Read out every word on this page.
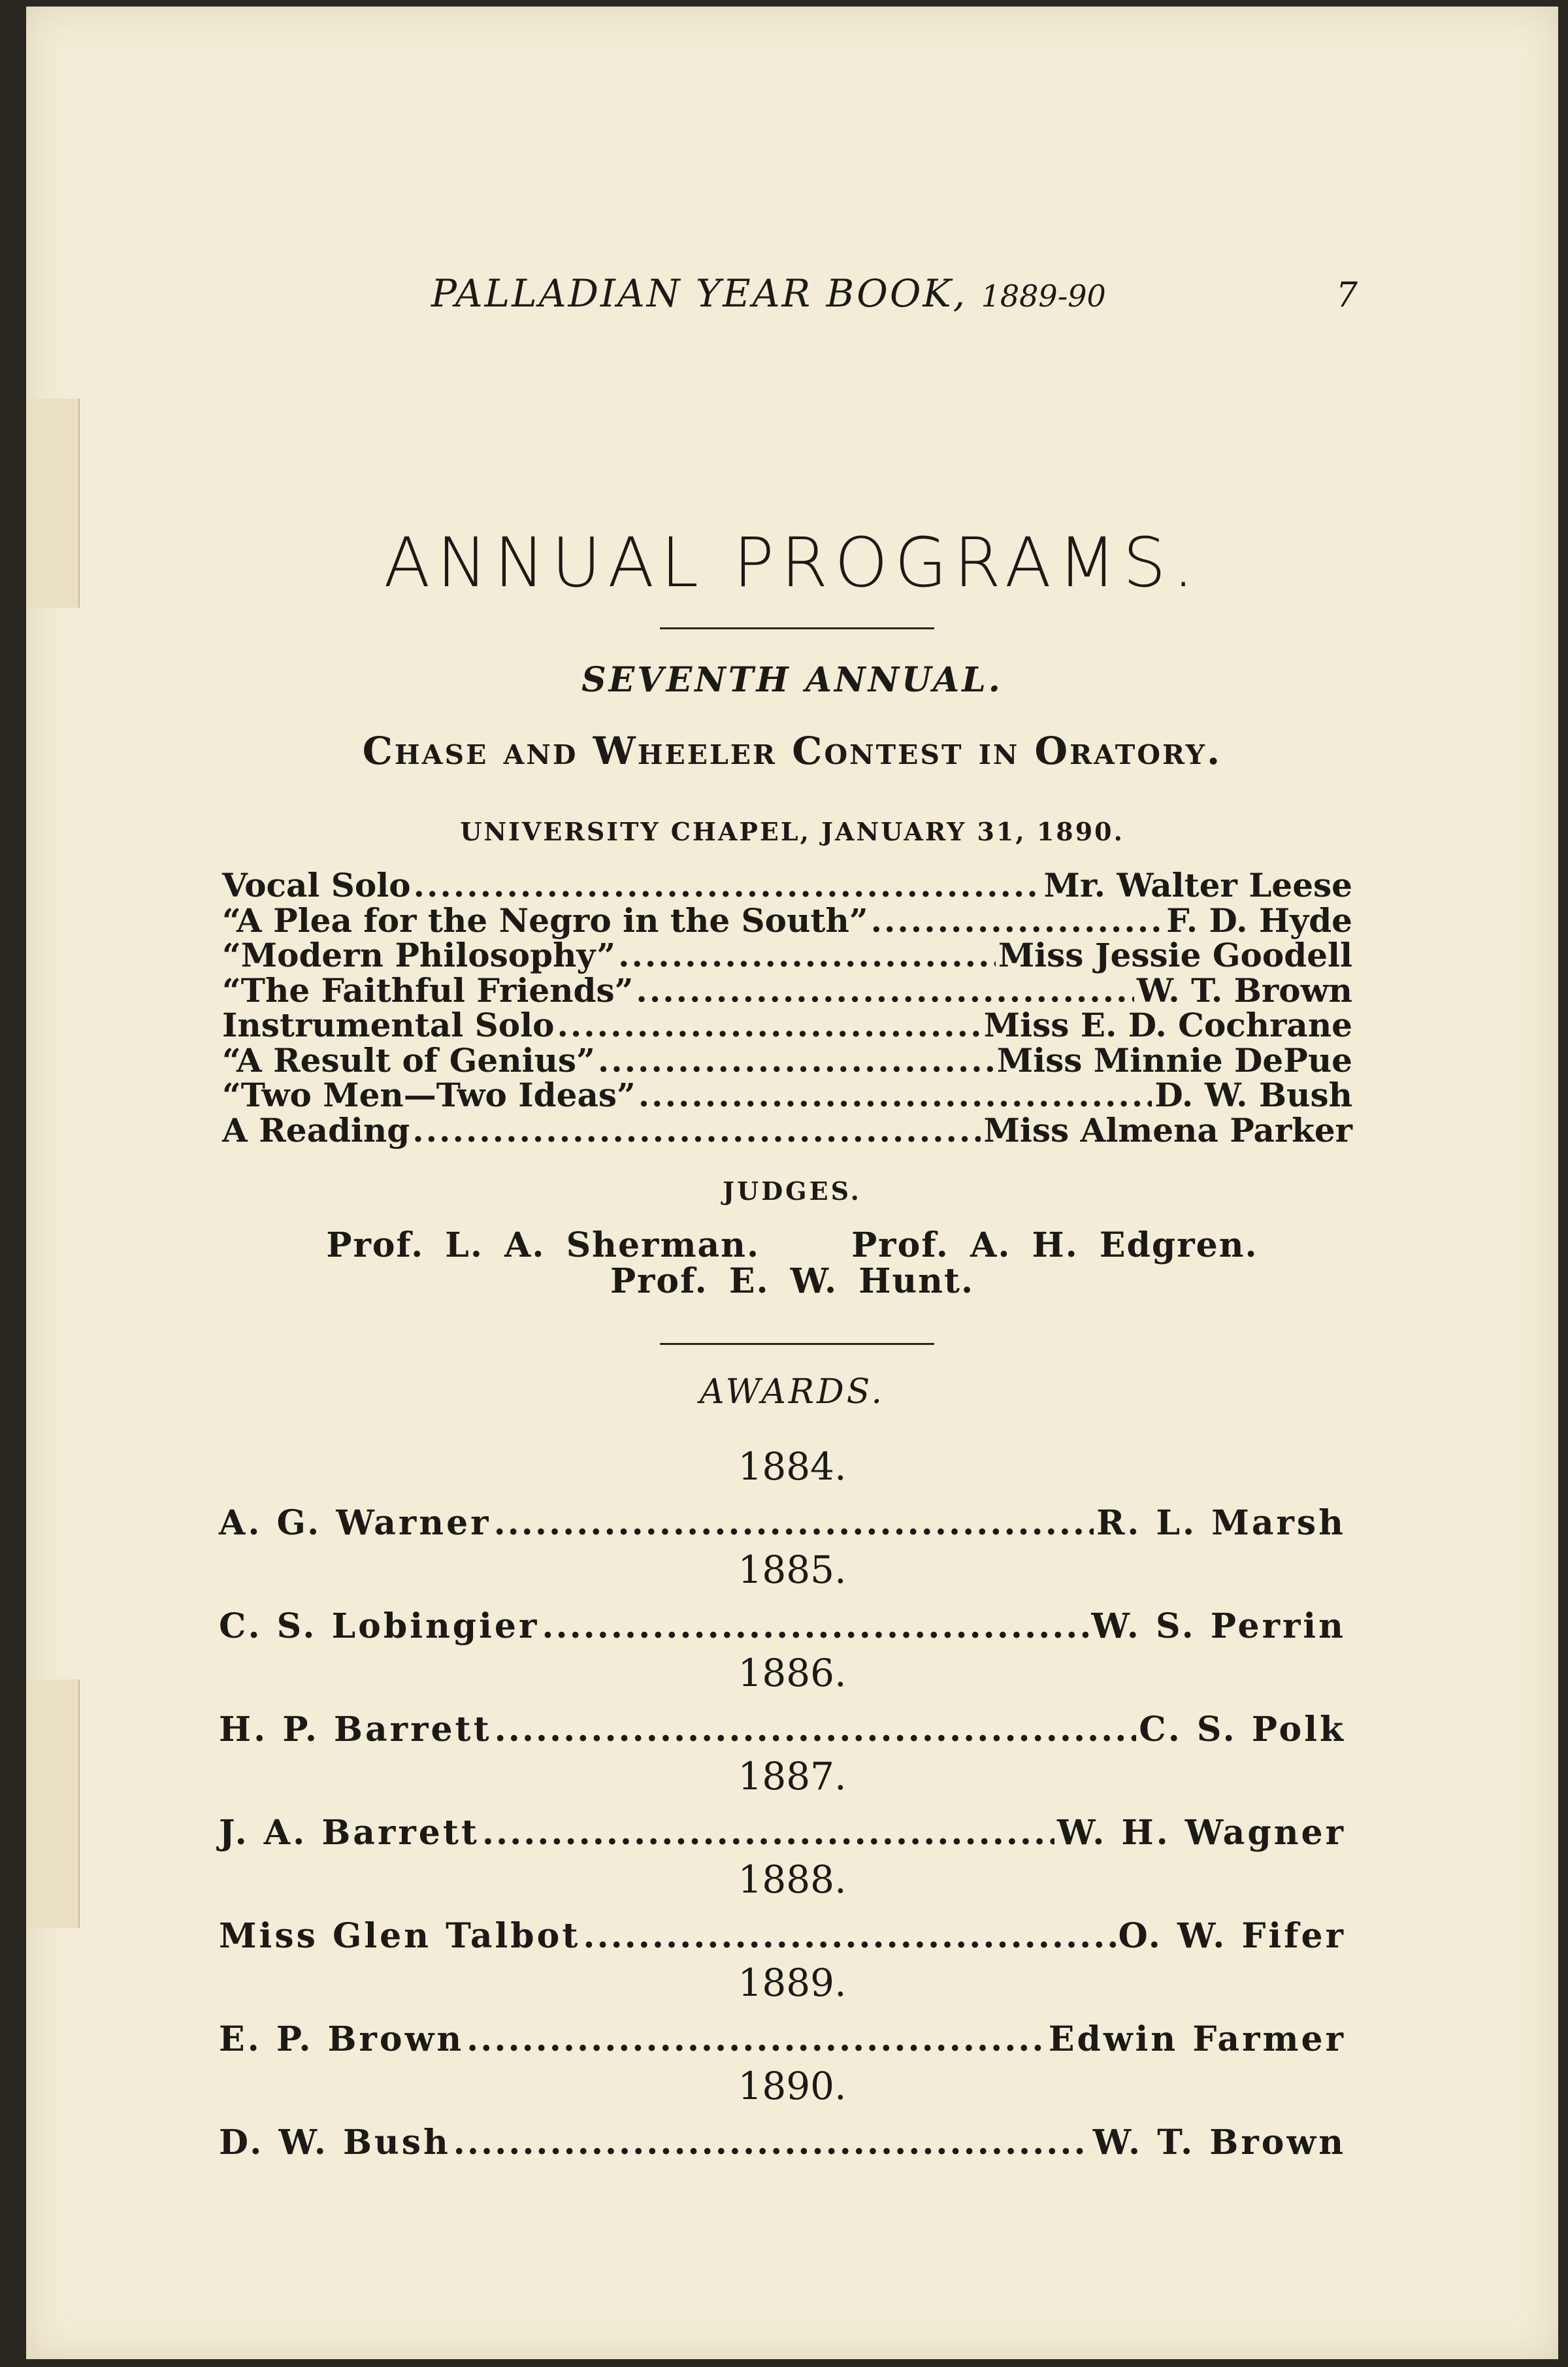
PALLADIAN YEAR BOOK, 1889-90	7
ANNUAL PROGRAMS.
SEVENTH ANNUAL.
Chase and Wheeler Contest in Oratory.
UNIVERSITY CHAPEL, JANUARY 31, 1890.
Vocal Solo .....	Mr. Walter Leese
“A Plea for the Negro in the South” .....	F. D. Hyde
“Modern Philosophy” .....	Miss Jessie Goodell
“The Faithful Friends” .....	W. T. Brown
Instrumental Solo .....	Miss E. D. Cochrane
“A Result of Genius” .....	Miss Minnie DePue
“Two Men—Two Ideas” .....	D. W. Bush
A Reading .....	Miss Almena Parker
JUDGES.
Prof. L. A. Sherman.	Prof. A. H. Edgren.
Prof. E. W. Hunt.
AWARDS.
1884.
A. G. Warner .....	R. L. Marsh
1885.
C. S. Lobingier .....	W. S. Perrin
1886.
H. P. Barrett .....	C. S. Polk
1887.
J. A. Barrett .....	W. H. Wagner
1888.
Miss Glen Talbot .....	O. W. Fifer
1889.
E. P. Brown .....	Edwin Farmer
1890.
D. W. Bush .....	W. T. Brown
